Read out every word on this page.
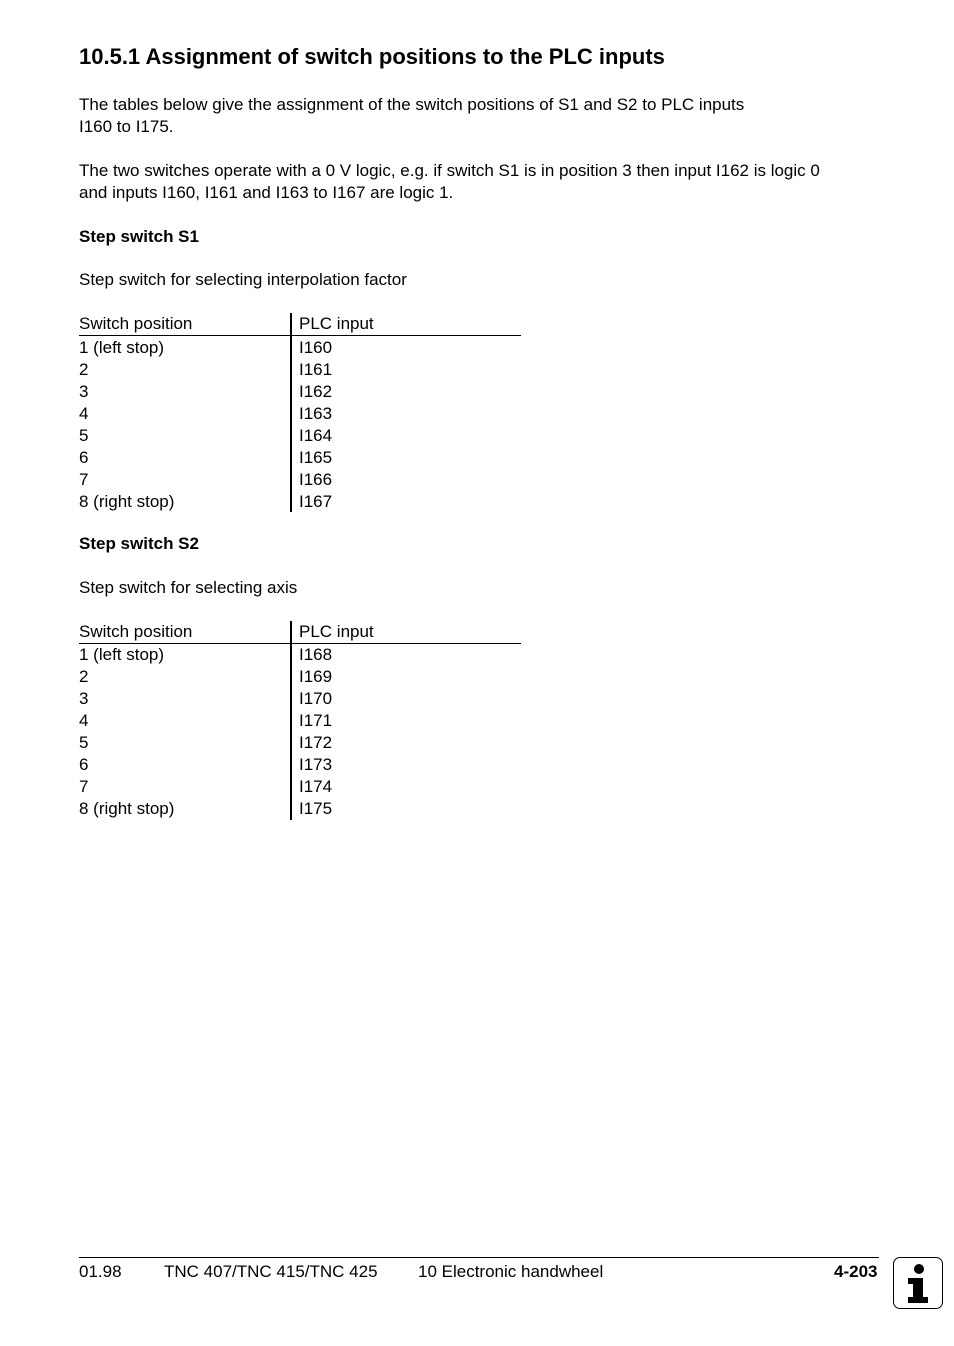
10.5.1 Assignment of switch positions to the PLC inputs

The tables below give the assignment of the switch positions of S1 and S2 to PLC inputs
I160 to I175.

The two switches operate with a 0 V logic, e.g. if switch S1 is in position 3 then input I162 is logic 0
and inputs I160, I161 and I163 to I167 are logic 1.

Step switch S1

Step switch for selecting interpolation factor

Switch position	PLC input
1 (left stop)	I160
2	I161
3	I162
4	I163
5	I164
6	I165
7	I166
8 (right stop)	I167

Step switch S2

Step switch for selecting axis

Switch position	PLC input
1 (left stop)	I168
2	I169
3	I170
4	I171
5	I172
6	I173
7	I174
8 (right stop)	I175
01.98 TNC 407/TNC 415/TNC 425 10 Electronic handwheel	4-203
